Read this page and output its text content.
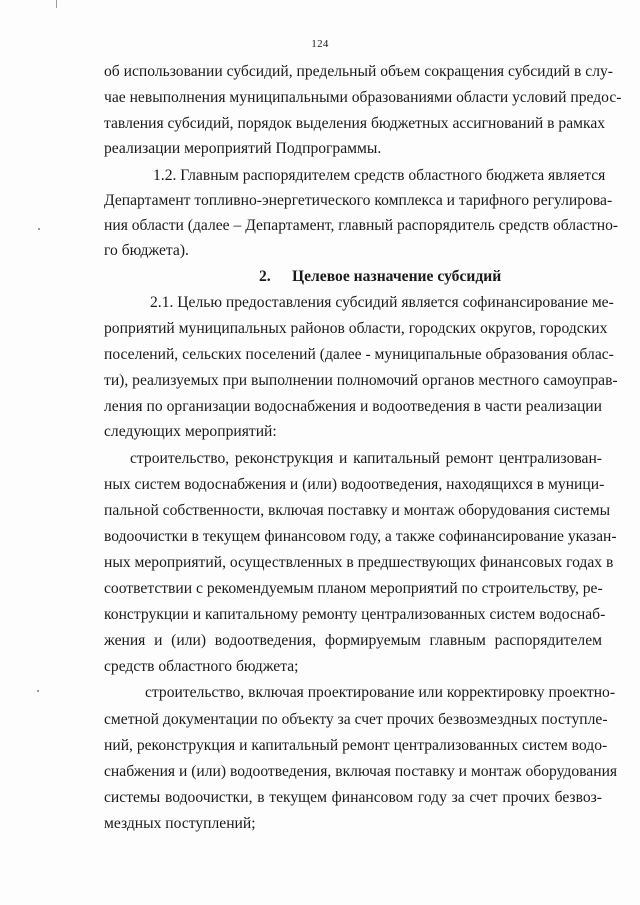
124
об использовании субсидий, предельный объем сокращения субсидий в слу-
чае невыполнения муниципальными образованиями области условий предос-
тавления субсидий, порядок выделения бюджетных ассигнований в рамках
реализации мероприятий Подпрограммы.
1.2. Главным распорядителем средств областного бюджета является
Департамент топливно-энергетического комплекса и тарифного регулирова-
ния области (далее – Департамент, главный распорядитель средств областно-
го бюджета).
2. Целевое назначение субсидий
2.1. Целью предоставления субсидий является софинансирование ме-
роприятий муниципальных районов области, городских округов, городских
поселений, сельских поселений (далее - муниципальные образования облас-
ти), реализуемых при выполнении полномочий органов местного самоуправ-
ления по организации водоснабжения и водоотведения в части реализации
следующих мероприятий:
строительство, реконструкция и капитальный ремонт централизован-
ных систем водоснабжения и (или) водоотведения, находящихся в муници-
пальной собственности, включая поставку и монтаж оборудования системы
водоочистки в текущем финансовом году, а также софинансирование указан-
ных мероприятий, осуществленных в предшествующих финансовых годах в
соответствии с рекомендуемым планом мероприятий по строительству, ре-
конструкции и капитальному ремонту централизованных систем водоснаб-
жения и (или) водоотведения, формируемым главным распорядителем
средств областного бюджета;
строительство, включая проектирование или корректировку проектно-
сметной документации по объекту за счет прочих безвозмездных поступле-
ний, реконструкция и капитальный ремонт централизованных систем водо-
снабжения и (или) водоотведения, включая поставку и монтаж оборудования
системы водоочистки, в текущем финансовом году за счет прочих безвоз-
мездных поступлений;
